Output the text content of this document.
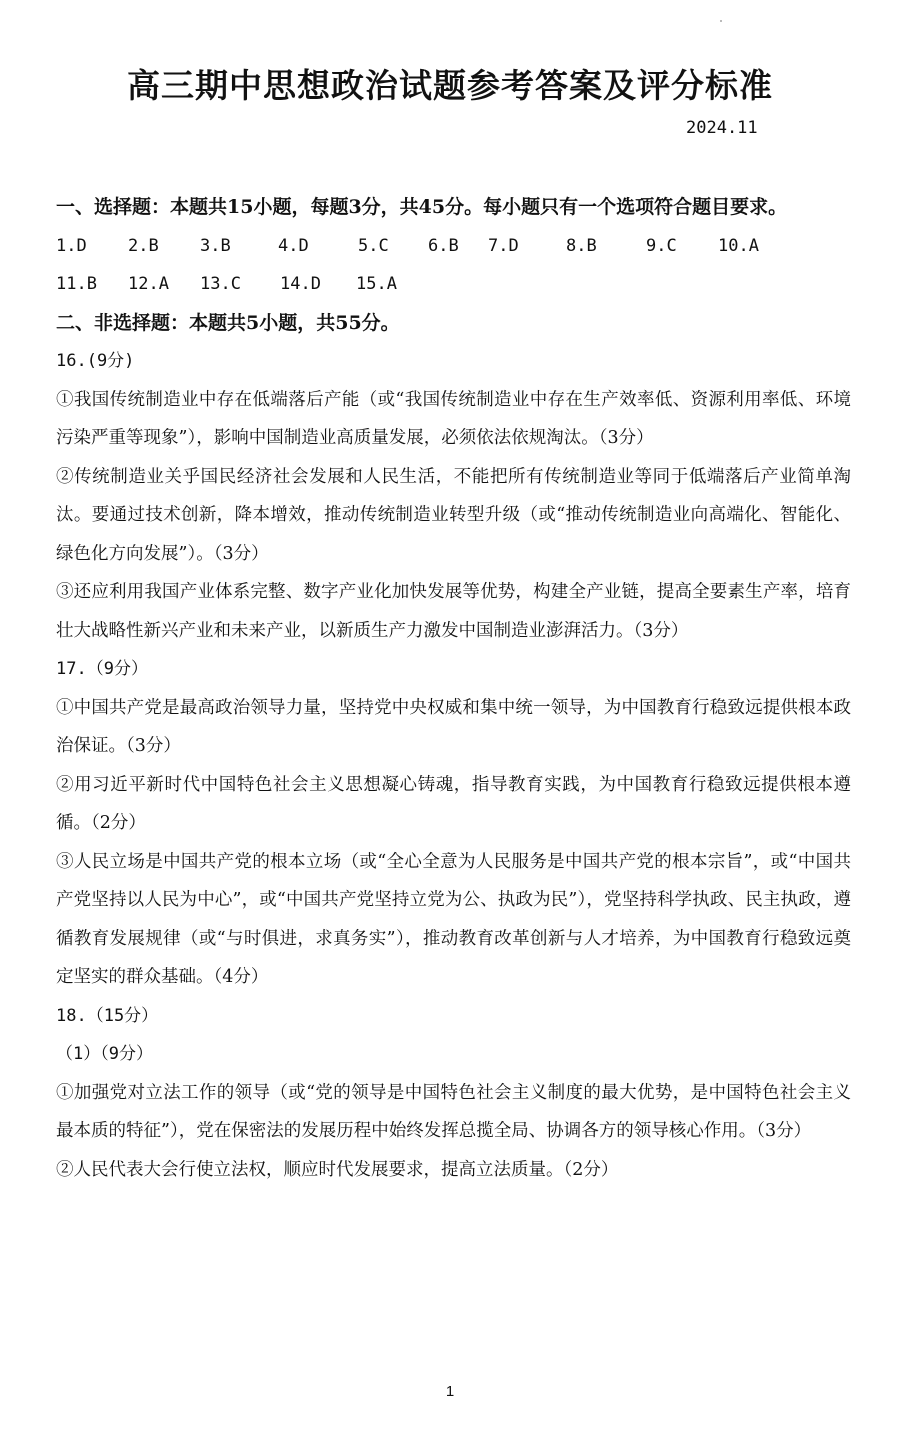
高三期中思想政治试题参考答案及评分标准
2024.11
一、选择题：本题共15小题，每题3分，共45分。每小题只有一个选项符合题目要求。
1.D	2.B	3.B	4.D	5.C	6.B	7.D	8.B	9.C	10.A
11.B	12.A	13.C	14.D	15.A
二、非选择题：本题共5小题，共55分。
16.(9分)
①我国传统制造业中存在低端落后产能（或“我国传统制造业中存在生产效率低、资源利用率低、环境污染严重等现象”），影响中国制造业高质量发展，必须依法依规淘汰。（3分）
②传统制造业关乎国民经济社会发展和人民生活，不能把所有传统制造业等同于低端落后产业简单淘汰。要通过技术创新，降本增效，推动传统制造业转型升级（或“推动传统制造业向高端化、智能化、绿色化方向发展”）。（3分）
③还应利用我国产业体系完整、数字产业化加快发展等优势，构建全产业链，提高全要素生产率，培育壮大战略性新兴产业和未来产业，以新质生产力激发中国制造业澎湃活力。（3分）
17.（9分）
①中国共产党是最高政治领导力量，坚持党中央权威和集中统一领导，为中国教育行稳致远提供根本政治保证。（3分）
②用习近平新时代中国特色社会主义思想凝心铸魂，指导教育实践，为中国教育行稳致远提供根本遵循。（2分）
③人民立场是中国共产党的根本立场（或“全心全意为人民服务是中国共产党的根本宗旨”，或“中国共产党坚持以人民为中心”，或“中国共产党坚持立党为公、执政为民”），党坚持科学执政、民主执政，遵循教育发展规律（或“与时俱进，求真务实”），推动教育改革创新与人才培养，为中国教育行稳致远奠定坚实的群众基础。（4分）
18.（15分）
（1）（9分）
①加强党对立法工作的领导（或“党的领导是中国特色社会主义制度的最大优势，是中国特色社会主义最本质的特征”），党在保密法的发展历程中始终发挥总揽全局、协调各方的领导核心作用。（3分）
②人民代表大会行使立法权，顺应时代发展要求，提高立法质量。（2分）
1
